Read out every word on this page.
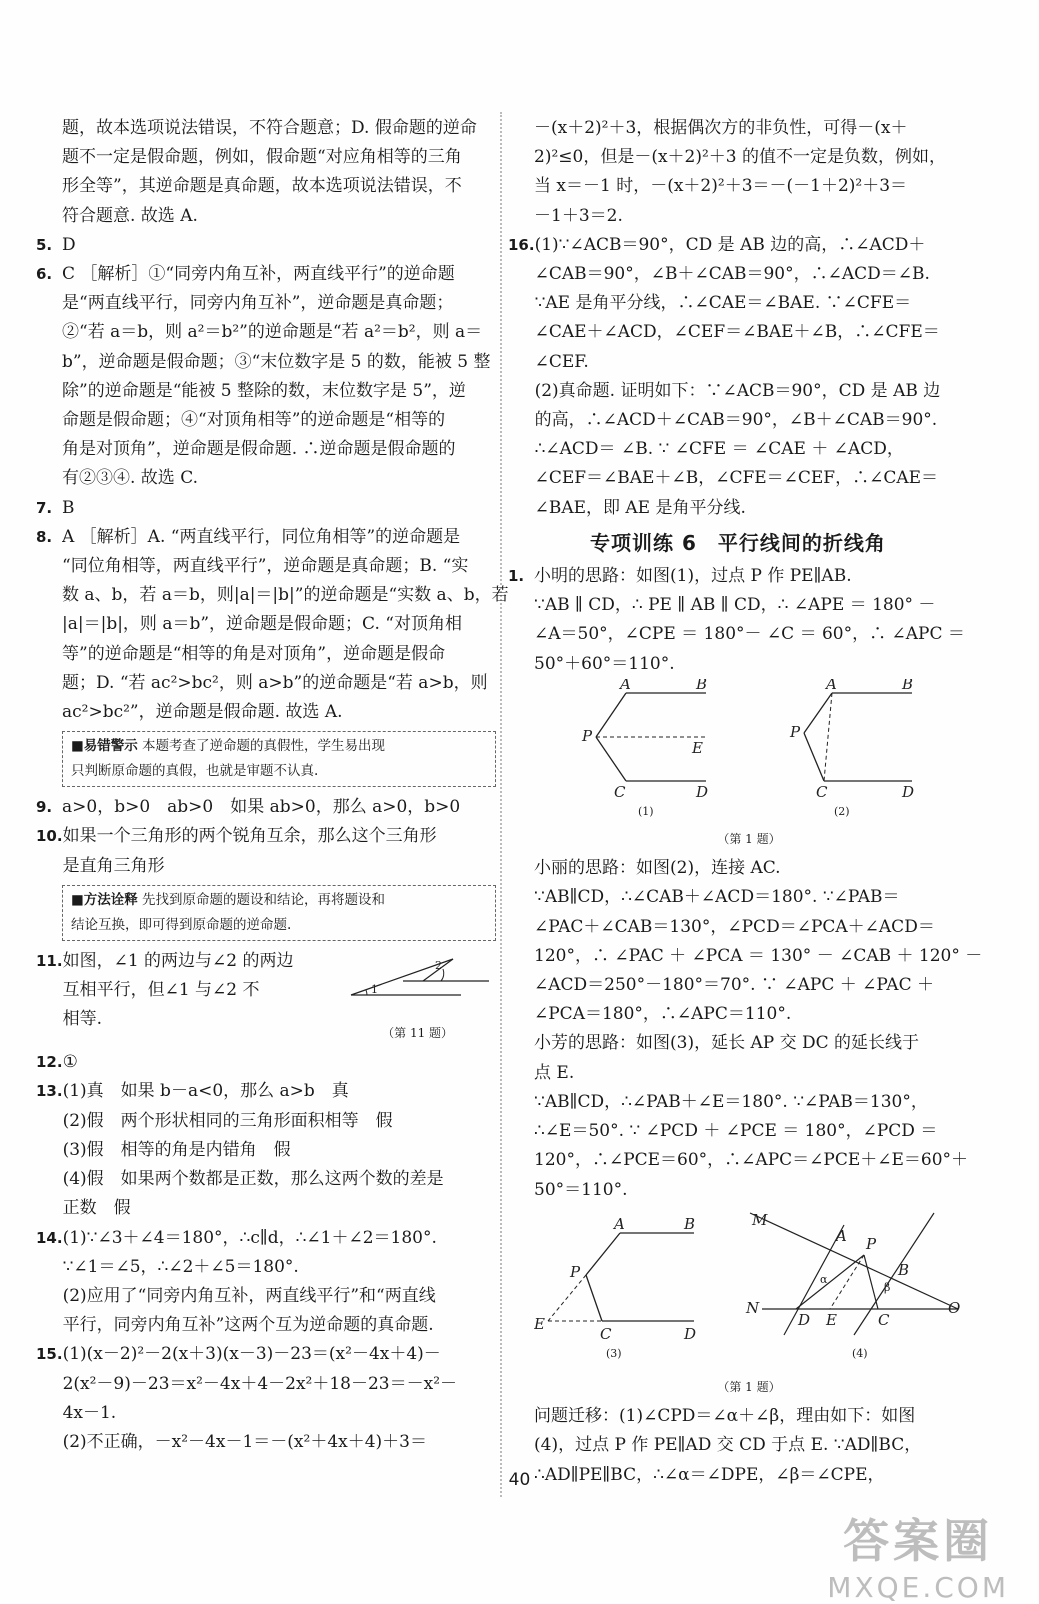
题，故本选项说法错误，不符合题意；D. 假命题的逆命
题不一定是假命题，例如，假命题“对应角相等的三角
形全等”，其逆命题是真命题，故本选项说法错误，不
符合题意. 故选 A.
5. D
6. C ［解析］①“同旁内角互补，两直线平行”的逆命题
是“两直线平行，同旁内角互补”，逆命题是真命题；
②“若 a＝b，则 a²＝b²”的逆命题是“若 a²＝b²，则 a＝
b”，逆命题是假命题；③“末位数字是 5 的数，能被 5 整
除”的逆命题是“能被 5 整除的数，末位数字是 5”，逆
命题是假命题；④“对顶角相等”的逆命题是“相等的
角是对顶角”，逆命题是假命题. ∴逆命题是假命题的
有②③④. 故选 C.
7. B
8. A ［解析］A. “两直线平行，同位角相等”的逆命题是
“同位角相等，两直线平行”，逆命题是真命题；B. “实
数 a、b，若 a＝b，则|a|＝|b|”的逆命题是“实数 a、b，若
|a|＝|b|，则 a＝b”，逆命题是假命题；C. “对顶角相
等”的逆命题是“相等的角是对顶角”，逆命题是假命
题；D. “若 ac²>bc²，则 a>b”的逆命题是“若 a>b，则
ac²>bc²”，逆命题是假命题. 故选 A.
■易错警示 本题考查了逆命题的真假性，学生易出现
只判断原命题的真假，也就是审题不认真.
9. a>0，b>0　ab>0　如果 ab>0，那么 a>0，b>0
10. 如果一个三角形的两个锐角互余，那么这个三角形
是直角三角形
■方法诠释 先找到原命题的题设和结论，再将题设和
结论互换，即可得到原命题的逆命题.
11. 如图，∠1 的两边与∠2 的两边
互相平行，但∠1 与∠2 不
相等.
1
2
（第 11 题）
12. ①
13. (1)真　如果 b－a<0，那么 a>b　真
(2)假　两个形状相同的三角形面积相等　假
(3)假　相等的角是内错角　假
(4)假　如果两个数都是正数，那么这两个数的差是
正数　假
14. (1)∵∠3＋∠4＝180°，∴c∥d，∴∠1＋∠2＝180°.
∵∠1＝∠5，∴∠2＋∠5＝180°.
(2)应用了“同旁内角互补，两直线平行”和“两直线
平行，同旁内角互补”这两个互为逆命题的真命题.
15. (1)(x－2)²－2(x＋3)(x－3)－23＝(x²－4x＋4)－
2(x²－9)－23＝x²－4x＋4－2x²＋18－23＝－x²－
4x－1.
(2)不正确，－x²－4x－1＝－(x²＋4x＋4)＋3＝
－(x＋2)²＋3，根据偶次方的非负性，可得－(x＋
2)²≤0，但是－(x＋2)²＋3 的值不一定是负数，例如，
当 x＝－1 时，－(x＋2)²＋3＝－(－1＋2)²＋3＝
－1＋3＝2.
16. (1)∵∠ACB＝90°，CD 是 AB 边的高，∴∠ACD＋
∠CAB＝90°，∠B＋∠CAB＝90°，∴∠ACD＝∠B.
∵AE 是角平分线，∴∠CAE＝∠BAE. ∵∠CFE＝
∠CAE＋∠ACD，∠CEF＝∠BAE＋∠B，∴∠CFE＝
∠CEF.
(2)真命题. 证明如下：∵∠ACB＝90°，CD 是 AB 边
的高，∴∠ACD＋∠CAB＝90°，∠B＋∠CAB＝90°.
∴∠ACD＝ ∠B. ∵ ∠CFE ＝ ∠CAE ＋ ∠ACD，
∠CEF＝∠BAE＋∠B，∠CFE＝∠CEF，∴∠CAE＝
∠BAE，即 AE 是角平分线.
专项训练 6　平行线间的折线角
1. 小明的思路：如图(1)，过点 P 作 PE∥AB.
∵AB ∥ CD，∴ PE ∥ AB ∥ CD，∴ ∠APE ＝ 180° －
∠A＝50°，∠CPE ＝ 180°－ ∠C ＝ 60°，∴ ∠APC ＝
50°＋60°＝110°.
A	B
P
E
C	D
(1)
A	B
P
C	D
(2)
（第 1 题）
小丽的思路：如图(2)，连接 AC.
∵AB∥CD，∴∠CAB＋∠ACD＝180°. ∵∠PAB＝
∠PAC＋∠CAB＝130°，∠PCD＝∠PCA＋∠ACD＝
120°，∴ ∠PAC ＋ ∠PCA ＝ 130° － ∠CAB ＋ 120° －
∠ACD＝250°－180°＝70°. ∵ ∠APC ＋ ∠PAC ＋
∠PCA＝180°，∴∠APC＝110°.
小芳的思路：如图(3)，延长 AP 交 DC 的延长线于
点 E.
∵AB∥CD，∴∠PAB＋∠E＝180°. ∵∠PAB＝130°，
∴∠E＝50°. ∵ ∠PCD ＋ ∠PCE ＝ 180°，∠PCD ＝
120°，∴∠PCE＝60°，∴∠APC＝∠PCE＋∠E＝60°＋
50°＝110°.
A	B
P
E
C	D
(3)
M
A P
B
α
β
N
D E	C
O
(4)
（第 1 题）
问题迁移：(1)∠CPD＝∠α＋∠β，理由如下：如图
(4)，过点 P 作 PE∥AD 交 CD 于点 E. ∵AD∥BC，
∴AD∥PE∥BC，∴∠α＝∠DPE，∠β＝∠CPE，
40
答案圈
MXQE.COM
